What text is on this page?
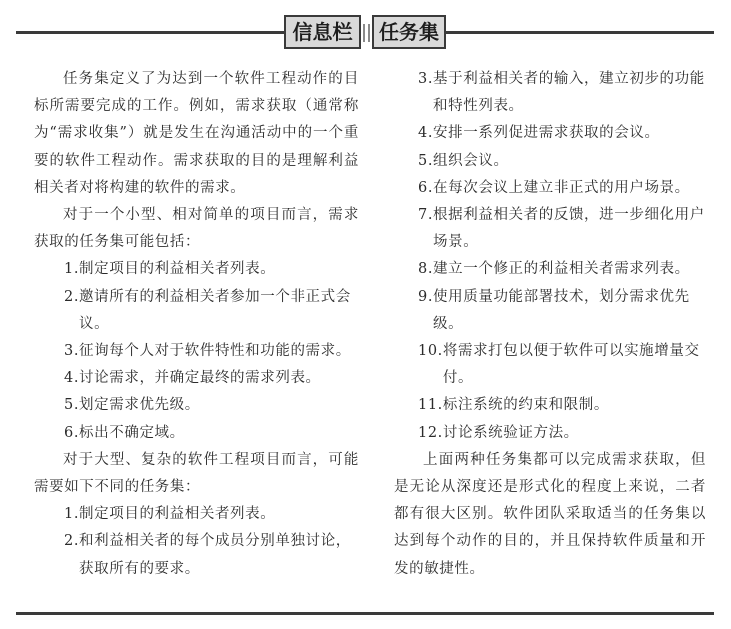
信息栏	任务集
任务集定义了为达到一个软件工程动作的目标所需要完成的工作。例如，需求获取（通常称为“需求收集”）就是发生在沟通活动中的一个重要的软件工程动作。需求获取的目的是理解利益相关者对将构建的软件的需求。
对于一个小型、相对简单的项目而言，需求获取的任务集可能包括：
1. 制定项目的利益相关者列表。
2. 邀请所有的利益相关者参加一个非正式会议。
3. 征询每个人对于软件特性和功能的需求。
4. 讨论需求，并确定最终的需求列表。
5. 划定需求优先级。
6. 标出不确定域。
对于大型、复杂的软件工程项目而言，可能需要如下不同的任务集：
1. 制定项目的利益相关者列表。
2. 和利益相关者的每个成员分别单独讨论，获取所有的要求。
3. 基于利益相关者的输入，建立初步的功能和特性列表。
4. 安排一系列促进需求获取的会议。
5. 组织会议。
6. 在每次会议上建立非正式的用户场景。
7. 根据利益相关者的反馈，进一步细化用户场景。
8. 建立一个修正的利益相关者需求列表。
9. 使用质量功能部署技术，划分需求优先级。
10. 将需求打包以便于软件可以实施增量交付。
11. 标注系统的约束和限制。
12. 讨论系统验证方法。
上面两种任务集都可以完成需求获取，但是无论从深度还是形式化的程度上来说，二者都有很大区别。软件团队采取适当的任务集以达到每个动作的目的，并且保持软件质量和开发的敏捷性。
